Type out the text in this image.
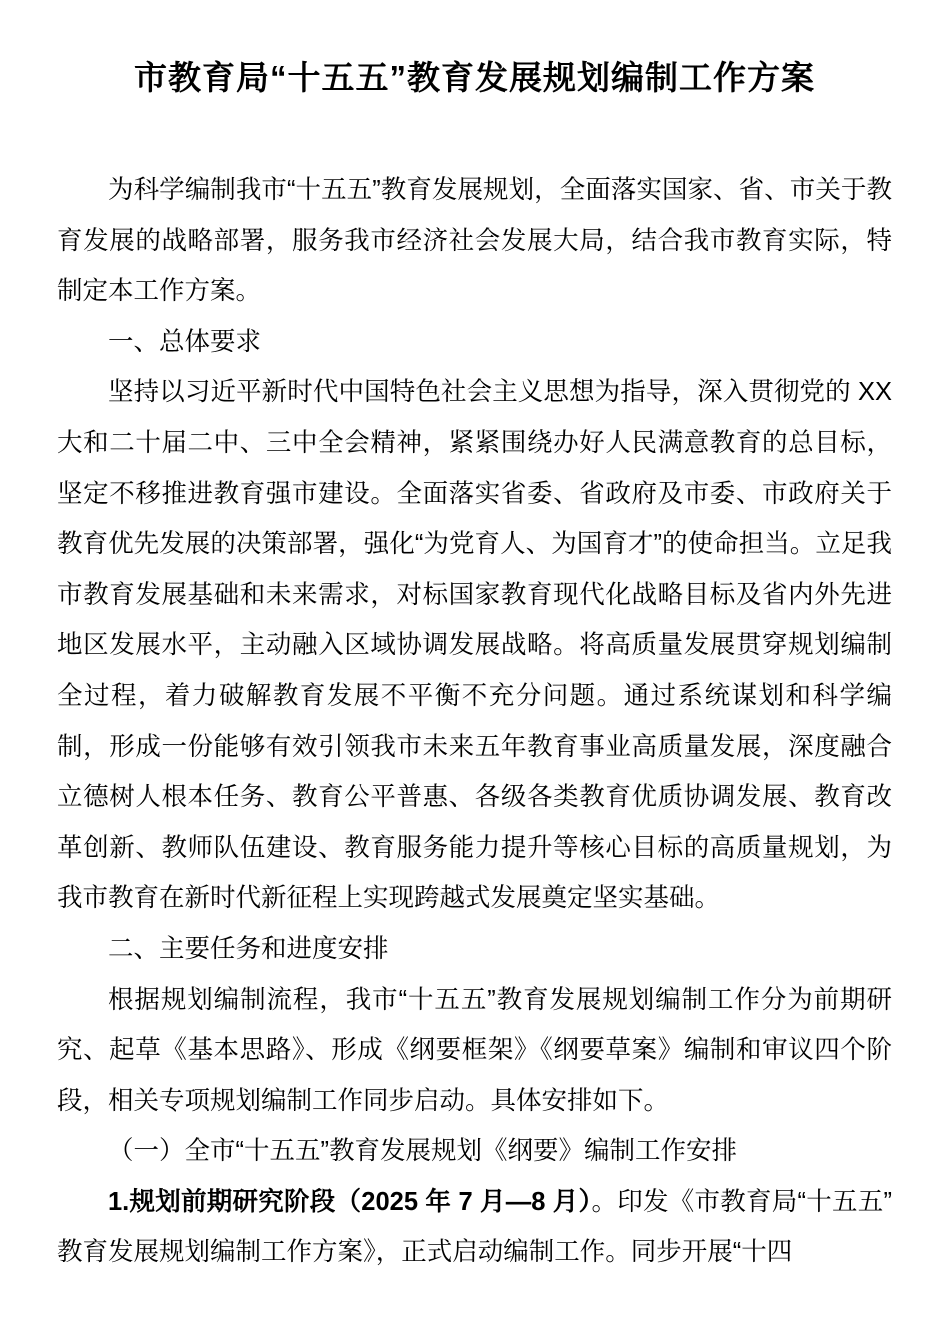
市教育局“十五五”教育发展规划编制工作方案

为科学编制我市“十五五”教育发展规划，全面落实国家、省、市关于教育发展的战略部署，服务我市经济社会发展大局，结合我市教育实际，特制定本工作方案。

一、总体要求

坚持以习近平新时代中国特色社会主义思想为指导，深入贯彻党的 XX 大和二十届二中、三中全会精神，紧紧围绕办好人民满意教育的总目标，坚定不移推进教育强市建设。全面落实省委、省政府及市委、市政府关于教育优先发展的决策部署，强化“为党育人、为国育才”的使命担当。立足我市教育发展基础和未来需求，对标国家教育现代化战略目标及省内外先进地区发展水平，主动融入区域协调发展战略。将高质量发展贯穿规划编制全过程，着力破解教育发展不平衡不充分问题。通过系统谋划和科学编制，形成一份能够有效引领我市未来五年教育事业高质量发展，深度融合立德树人根本任务、教育公平普惠、各级各类教育优质协调发展、教育改革创新、教师队伍建设、教育服务能力提升等核心目标的高质量规划，为我市教育在新时代新征程上实现跨越式发展奠定坚实基础。

二、主要任务和进度安排

根据规划编制流程，我市“十五五”教育发展规划编制工作分为前期研究、起草《基本思路》、形成《纲要框架》《纲要草案》编制和审议四个阶段，相关专项规划编制工作同步启动。具体安排如下。

（一）全市“十五五”教育发展规划《纲要》编制工作安排

1.规划前期研究阶段（2025 年 7 月—8 月）。印发《市教育局“十五五”教育发展规划编制工作方案》，正式启动编制工作。同步开展“十四
